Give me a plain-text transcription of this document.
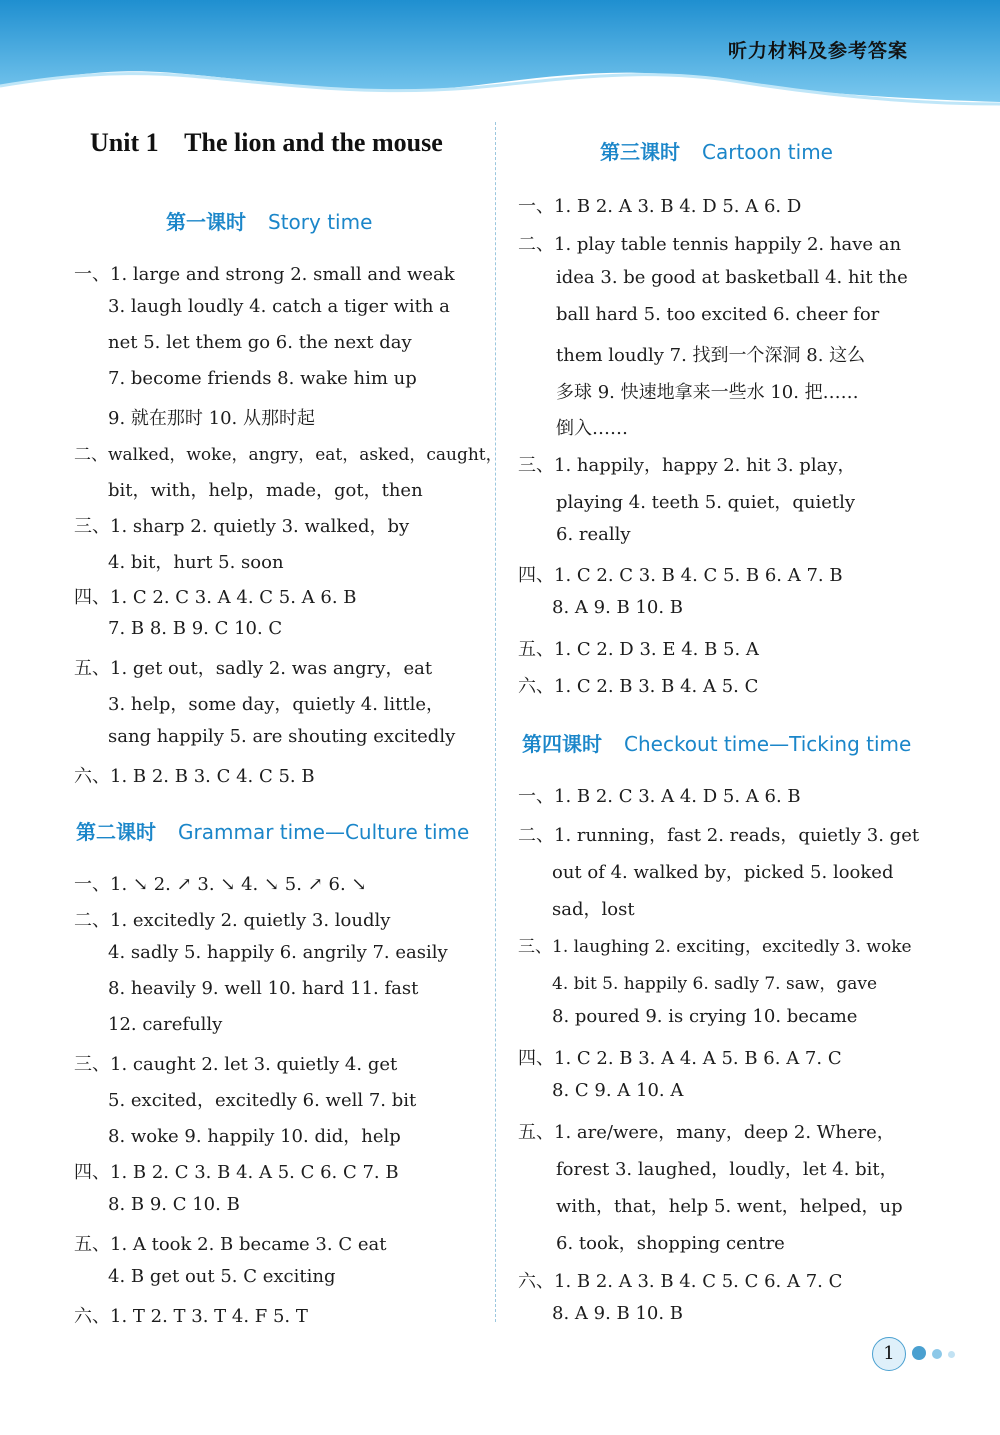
听力材料及参考答案
Unit 1    The lion and the mouse
第一课时 Story time
一、1. large and strong 2. small and weak
3. laugh loudly 4. catch a tiger with a
net 5. let them go 6. the next day
7. become friends 8. wake him up
9. 就在那时 10. 从那时起
二、walked，woke，angry，eat，asked，caught，
bit，with，help，made，got，then
三、1. sharp 2. quietly 3. walked，by
4. bit，hurt 5. soon
四、1. C 2. C 3. A 4. C 5. A 6. B
7. B 8. B 9. C 10. C
五、1. get out，sadly 2. was angry，eat
3. help，some day，quietly 4. little，
sang happily 5. are shouting excitedly
六、1. B 2. B 3. C 4. C 5. B
第二课时 Grammar time—Culture time
一、1. ↘ 2. ↗ 3. ↘ 4. ↘ 5. ↗ 6. ↘
二、1. excitedly 2. quietly 3. loudly
4. sadly 5. happily 6. angrily 7. easily
8. heavily 9. well 10. hard 11. fast
12. carefully
三、1. caught 2. let 3. quietly 4. get
5. excited，excitedly 6. well 7. bit
8. woke 9. happily 10. did，help
四、1. B 2. C 3. B 4. A 5. C 6. C 7. B
8. B 9. C 10. B
五、1. A took 2. B became 3. C eat
4. B get out 5. C exciting
六、1. T 2. T 3. T 4. F 5. T
第三课时 Cartoon time
一、1. B 2. A 3. B 4. D 5. A 6. D
二、1. play table tennis happily 2. have an
idea 3. be good at basketball 4. hit the
ball hard 5. too excited 6. cheer for
them loudly 7. 找到一个深洞 8. 这么
多球 9. 快速地拿来一些水 10. 把……
倒入……
三、1. happily，happy 2. hit 3. play，
playing 4. teeth 5. quiet，quietly
6. really
四、1. C 2. C 3. B 4. C 5. B 6. A 7. B
8. A 9. B 10. B
五、1. C 2. D 3. E 4. B 5. A
六、1. C 2. B 3. B 4. A 5. C
第四课时 Checkout time—Ticking time
一、1. B 2. C 3. A 4. D 5. A 6. B
二、1. running，fast 2. reads，quietly 3. get
out of 4. walked by，picked 5. looked
sad，lost
三、1. laughing 2. exciting，excitedly 3. woke
4. bit 5. happily 6. sadly 7. saw，gave
8. poured 9. is crying 10. became
四、1. C 2. B 3. A 4. A 5. B 6. A 7. C
8. C 9. A 10. A
五、1. are/were，many，deep 2. Where，
forest 3. laughed，loudly，let 4. bit，
with，that，help 5. went，helped，up
6. took，shopping centre
六、1. B 2. A 3. B 4. C 5. C 6. A 7. C
8. A 9. B 10. B
1
